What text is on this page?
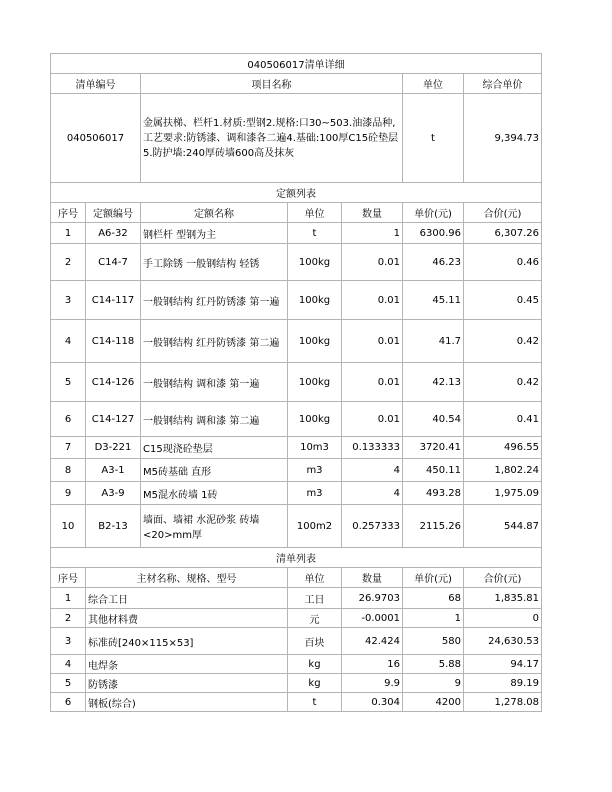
040506017清单详细						
清单编号		项目名称			单位	综合单价
040506017		金属扶梯、栏杆1.材质:型钢2.规格:口30~503.油漆品种,工艺要求:防锈漆、调和漆各二遍4.基础:100厚C15砼垫层5.防护墙:240厚砖墙600高及抹灰			t	9,394.73
定额列表						
序号	定额编号	定额名称	单位	数量	单价(元)	合价(元)
1	A6-32	钢栏杆 型钢为主	t	1	6300.96	6,307.26
2	C14-7	手工除锈 一般钢结构 轻锈	100kg	0.01	46.23	0.46
3	C14-117	一般钢结构 红丹防锈漆 第一遍	100kg	0.01	45.11	0.45
4	C14-118	一般钢结构 红丹防锈漆 第二遍	100kg	0.01	41.7	0.42
5	C14-126	一般钢结构 调和漆 第一遍	100kg	0.01	42.13	0.42
6	C14-127	一般钢结构 调和漆 第二遍	100kg	0.01	40.54	0.41
7	D3-221	C15现浇砼垫层	10m3	0.133333	3720.41	496.55
8	A3-1	M5砖基础 直形	m3	4	450.11	1,802.24
9	A3-9	M5混水砖墙 1砖	m3	4	493.28	1,975.09
10	B2-13	墙面、墙裙 水泥砂浆 砖墙<20>mm厚	100m2	0.257333	2115.26	544.87
清单列表						
序号	主材名称、规格、型号		单位	数量	单价(元)	合价(元)
1	综合工日		工日	26.9703	68	1,835.81
2	其他材料费		元	-0.0001	1	0
3	标准砖[240×115×53]		百块	42.424	580	24,630.53
4	电焊条		kg	16	5.88	94.17
5	防锈漆		kg	9.9	9	89.19
6	钢板(综合)		t	0.304	4200	1,278.08
